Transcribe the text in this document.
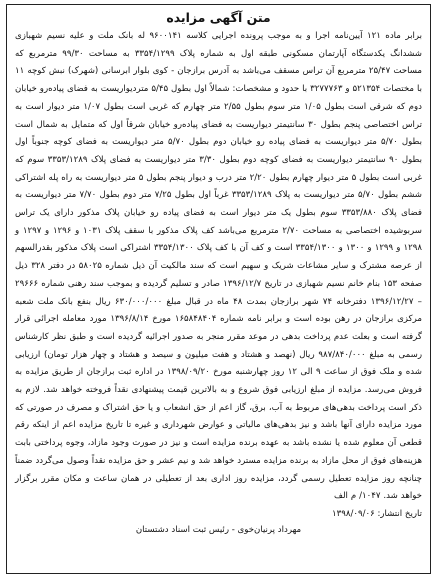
متن آگهی مزایده

برابر ماده ۱۲۱ آیین‌نامه اجرا و به موجب پرونده اجرایی کلاسه ۹۶۰۰۱۴۱ له بانک ملت و علیه نسیم شهبازی ششدانگ یکدستگاه آپارتمان مسکونی طبقه اول به شماره پلاک ۳۳۵۴/۱۲۹۹ به مساحت ۹۹/۳۰ مترمربع که مساحت ۲۵/۴۷ مترمربع آن تراس مسقف می‌باشد به آدرس برازجان - کوی بلوار ابرسانی (شهرک) نبش کوچه ۱۱ با مختصات ۵۲۱۳۵۴ و ۳۲۷۷۷۶۳ با حدود و مشخصات: شمالاً اول بطول ۵/۴۵ متردیواریست به فضای پیاده‌رو خیابان دوم که شرقی است بطول ۱/۰۵ متر سوم بطول ۲/۵۵ متر چهارم که غربی است بطول ۱/۰۷ متر دیوار است به تراس اختصاصی پنجم بطول ۳۰ سانتیمتر دیواریست به فضای پیاده‌رو خیابان شرقاً اول که متمایل به شمال است بطول ۵/۷۰ متر دیواریست به فضای پیاده رو خیابان دوم بطول ۵/۷۰ متر دیواریست به فضای کوچه جنوباً اول بطول ۹۰ سانتیمتر دیواریست به فضای کوچه دوم بطول ۳/۳۰ متر دیواریست به فضای پلاک ۳۳۵۳/۱۲۸۹ سوم که غربی است بطول ۵ متر دیوار چهارم بطول ۲/۲۰ متر درب و دیوار پنجم بطول ۵ متر دیواریست به راه پله اشتراکی ششم بطول ۵/۷۰ متر دیواریست به پلاک ۳۳۵۳/۱۲۸۹ غرباً اول بطول ۷/۲۵ متر دوم بطول ۷/۷۰ متر دیواریست به فضای پلاک ۳۳۵۳/۸۸۰ سوم بطول یک متر دیوار است به فضای پیاده رو خیابان پلاک مذکور دارای یک تراس سربوشیده اختصاصی به مساحت ۲/۷۰ مترمربع می‌باشد کف پلاک مذکور با سقف پلاک ۱۰۳۱ و ۱۲۹۶ و ۱۲۹۷ و ۱۲۹۸ و ۱۲۹۹ و ۱۳۰۰ و ۳۳۵۴/۱۳۰۰ است و کف آن با کف پلاک ۳۳۵۴/۱۳۰۰ اشتراکی است پلاک مذکور بقدرالسهم از عرصه مشترک و سایر مشاعات شریک و سهیم است که سند مالکیت آن ذیل شماره ۵۸۰۲۵ در دفتر ۳۲۸ ذیل صفحه ۱۵۳ بنام خانم نسیم شهبازی در تاریخ ۱۳۹۶/۱۲/۷ صادر و تسلیم گردیده و بموجب سند رهنی شماره ۲۹۶۶۶ – ۱۳۹۶/۱۲/۲۷ دفترخانه ۷۴ شهر برازجان بمدت ۴۸ ماه در قبال مبلغ ۶۳۰/۰۰۰/۰۰۰ ریال بنفع بانک ملت شعبه مرکزی برازجان در رهن بوده است و برابر نامه شماره ۱۶۵۸۴۸۴۰۴ مورخ ۱۳۹۶/۸/۱۴ مورد معامله اجرائی قرار گرفته است و بعلت عدم پرداخت بدهی در موعد مقرر منجر به صدور اجرائیه گردیده است و طبق نظر کارشناس رسمی به مبلغ ۹۸۷/۸۴۰/۰۰۰ ریال (نهصد و هشتاد و هفت میلیون و سیصد و هشتاد و چهار هزار تومان) ارزیابی شده و ملک فوق از ساعت ۹ الی ۱۲ روز چهارشنبه مورخ ۱۳۹۸/۰۹/۲۰ در اداره ثبت برازجان از طریق مزایده به فروش می‌رسد. مزایده از مبلغ ارزیابی فوق شروع و به بالاترین قیمت پیشنهادی نقداً فروخته خواهد شد. لازم به ذکر است پرداخت بدهی‌های مربوط به آب، برق، گاز اعم از حق انشعاب و یا حق اشتراک و مصرف در صورتی که مورد مزایده دارای آنها باشد و نیز بدهی‌های مالیاتی و عوارض شهرداری و غیره تا تاریخ مزایده اعم از اینکه رقم قطعی آن معلوم شده یا نشده باشد به عهده برنده مزایده است و نیز در صورت وجود مازاد، وجوه پرداختی بابت هزینه‌های فوق از محل مازاد به برنده مزایده مسترد خواهد شد و نیم عشر و حق مزایده نقداً وصول می‌گردد ضمناً چنانچه روز مزایده تعطیل رسمی گردد، مزایده روز اداری بعد از تعطیلی در همان ساعت و مکان مقرر برگزار خواهد شد. ۱۰۴۷/ م الف

تاریخ انتشار: ۱۳۹۸/۰۹/۰۶

مهرداد پرنیان‌خوی - رئیس ثبت اسناد دشتستان
